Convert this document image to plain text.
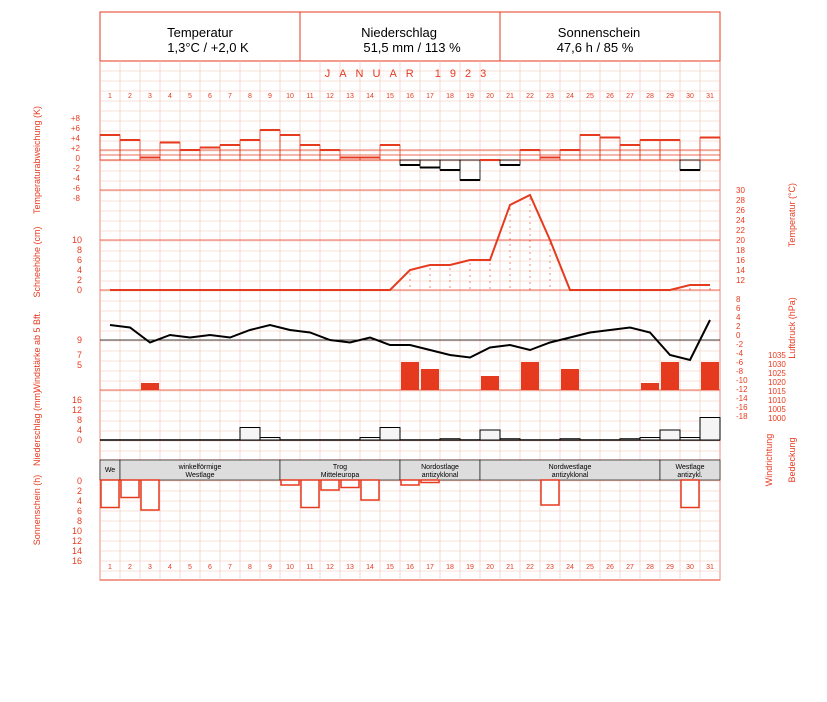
JANUAR 1923
1
1
2
2
3
3
4
4
5
5
6
6
7
7
8
8
9
9
10
10
11
11
12
12
13
13
14
14
15
15
16
16
17
17
18
18
19
19
20
20
21
21
22
22
23
23
24
24
25
25
26
26
27
27
28
28
29
29
30
30
31
31
+8
+6
+4
+2
0
-2
-4
-6
-8
30
28
26
24
22
20
18
16
14
12
10
8
6
4
2
0
1035
1030
1025
1020
1015
1010
1005
1000
8
6
4
2
0
-2
-4
-6
-8
-10
-12
-14
-16
-18
9
7
5
16
12
8
4
0
We	winkelförmige
Westlage
Trog
Mitteleuropa
Nordostlage
antizyklonal
Nordwestlage
antizyklonal
Westlage
antizykl.
0
2
4
6
8
10
12
14
16
Temperaturabweichung (K)
Schneehöhe (cm)
Windstärke ab 5 Bft.
Niederschlag (mm)
Sonnenschein (h)
Temperatur (°C)
Luftdruck (hPa)
Windrichtung Bedeckung
Temperatur
1,3°C / +2,0 K
Niederschlag
51,5 mm / 113 %
Sonnenschein
47,6 h / 85 %
